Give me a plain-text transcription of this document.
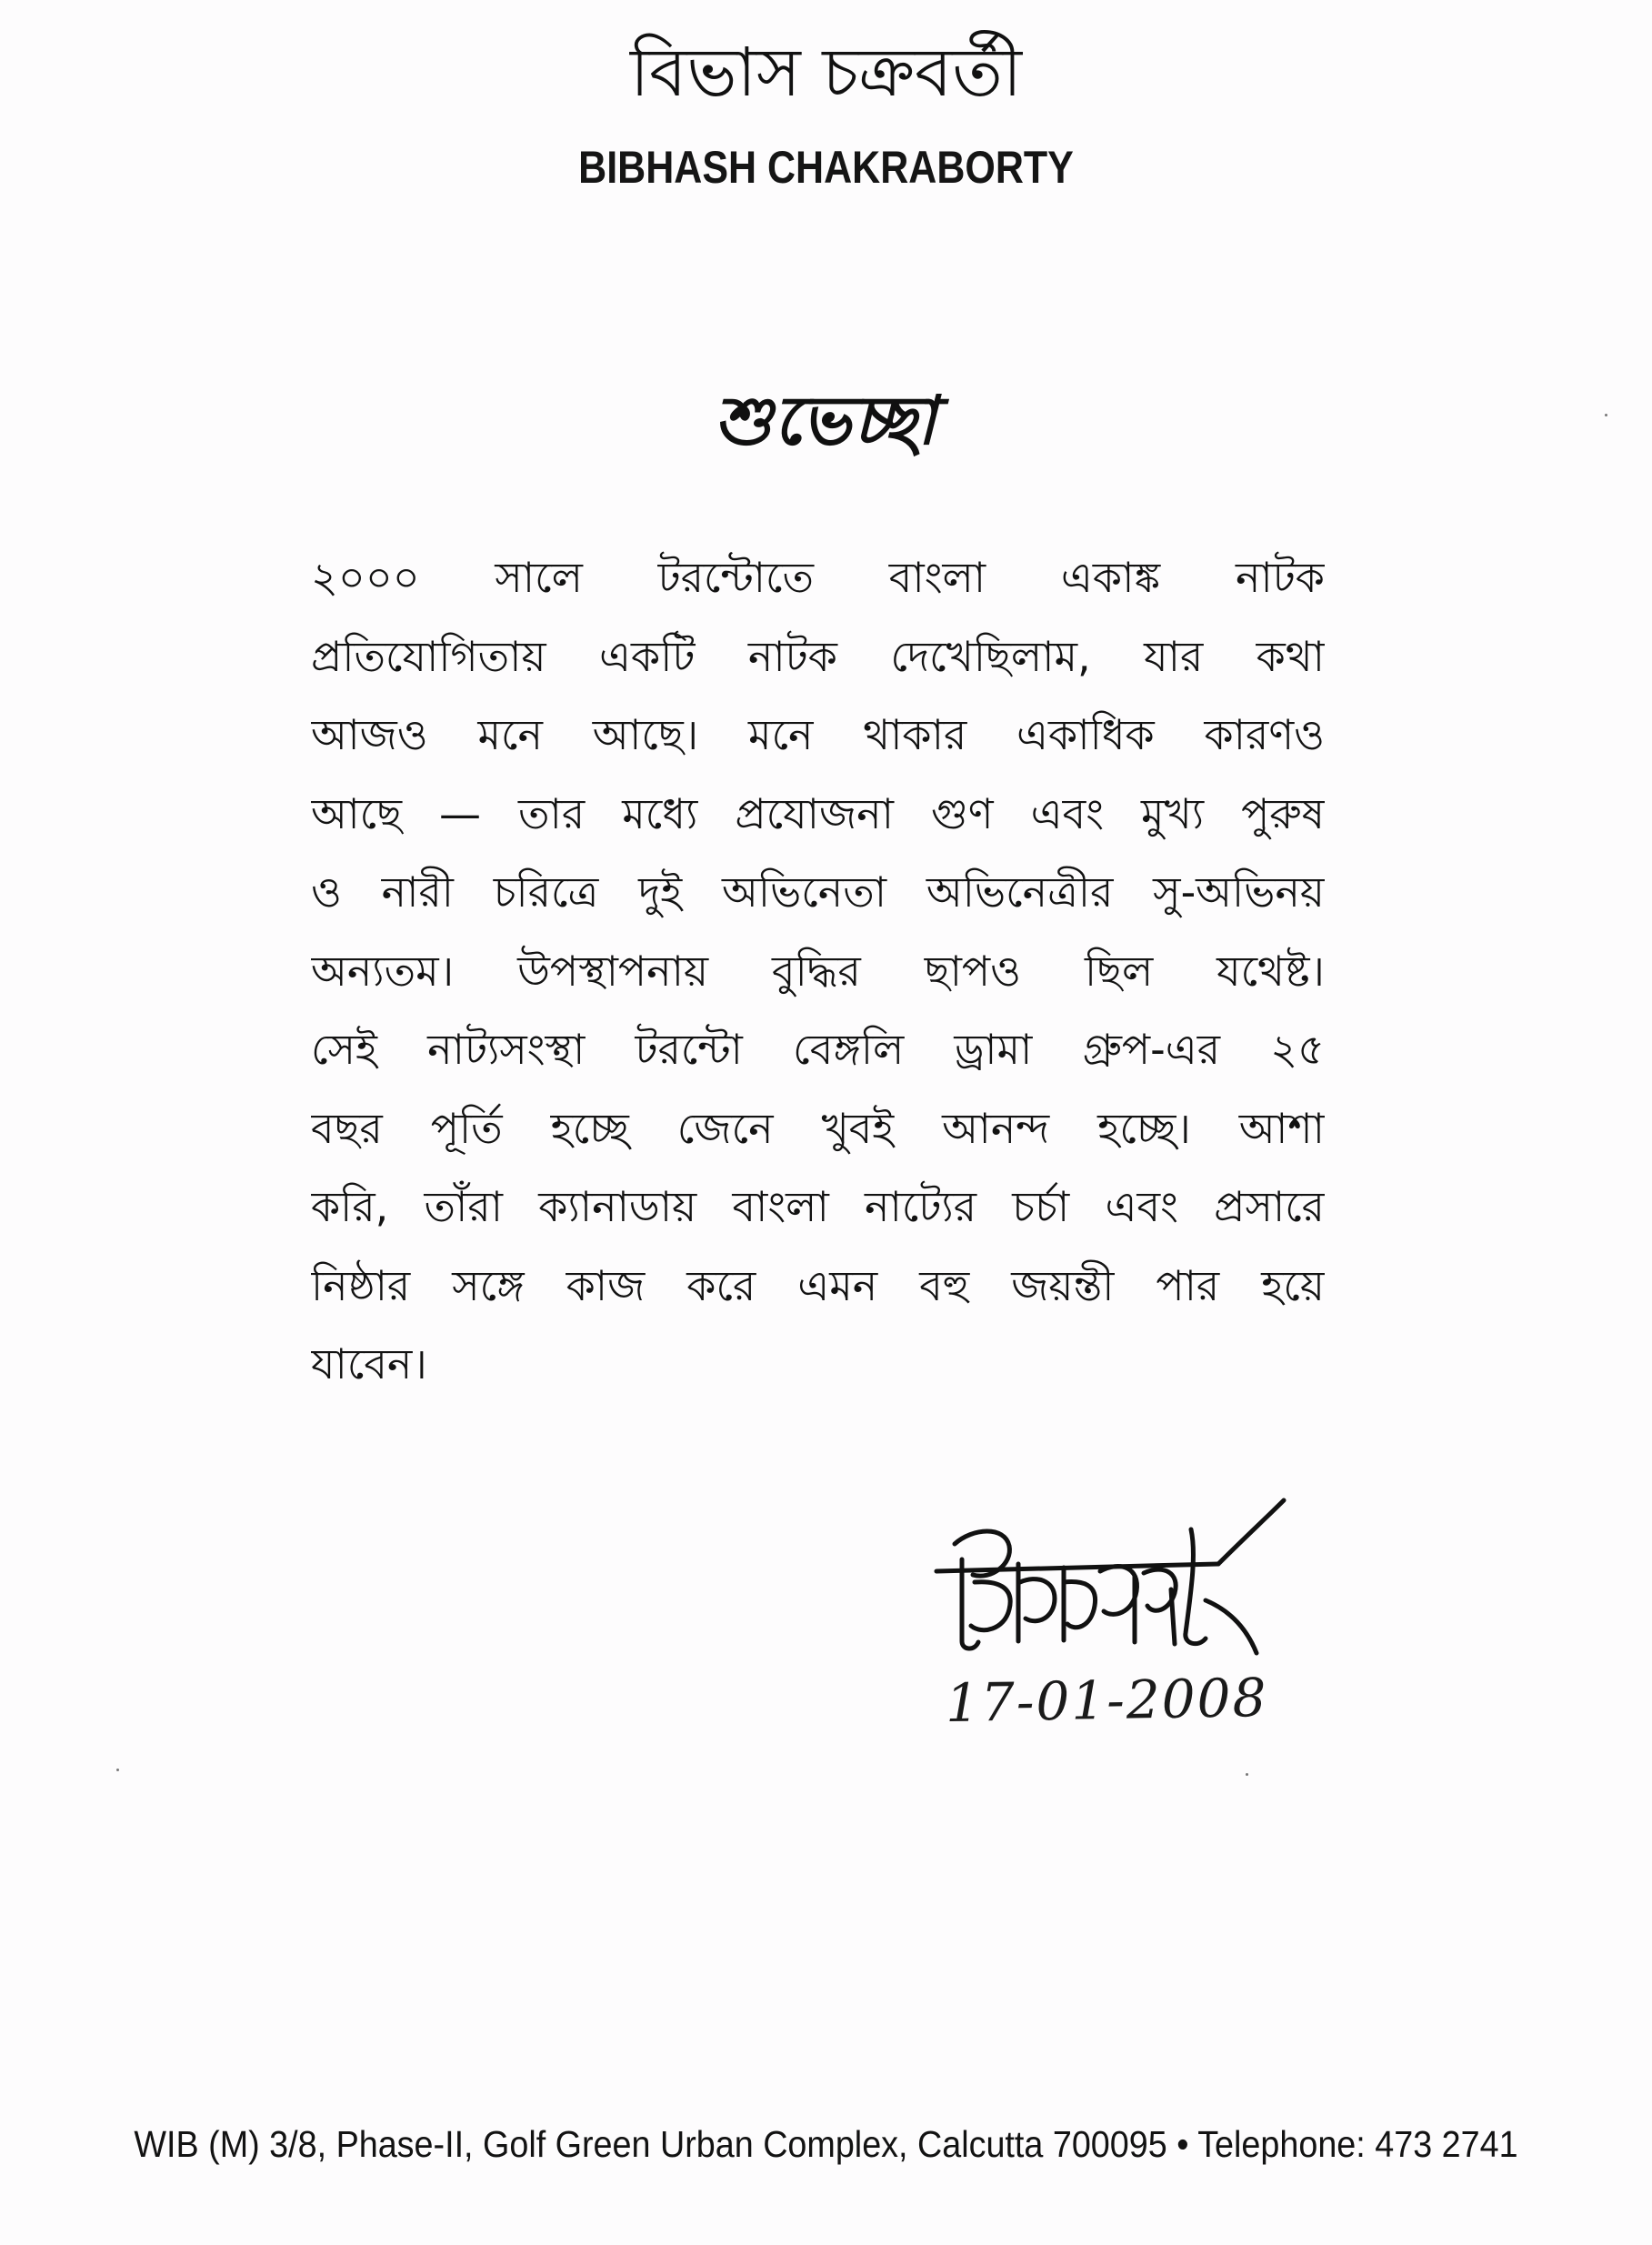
বিভাস চক্রবর্তী
BIBHASH CHAKRABORTY
শুভেচ্ছা
২০০০ সালে টরন্টোতে বাংলা একাঙ্ক নাটক
প্রতিযোগিতায় একটি নাটক দেখেছিলাম, যার কথা
আজও মনে আছে। মনে থাকার একাধিক কারণও
আছে — তার মধ্যে প্রযোজনা গুণ এবং মুখ্য পুরুষ
ও নারী চরিত্রে দুই অভিনেতা অভিনেত্রীর সু-অভিনয়
অন্যতম। উপস্থাপনায় বুদ্ধির ছাপও ছিল যথেষ্ট।
সেই নাট্যসংস্থা টরন্টো বেঙ্গলি ড্রামা গ্রুপ-এর ২৫
বছর পূর্তি হচ্ছে জেনে খুবই আনন্দ হচ্ছে। আশা
করি, তাঁরা ক্যানাডায় বাংলা নাট্যের চর্চা এবং প্রসারে
নিষ্ঠার সঙ্গে কাজ করে এমন বহু জয়ন্তী পার হয়ে
যাবেন।
17-01-2008
WIB (M) 3/8, Phase-II, Golf Green Urban Complex, Calcutta 700095 • Telephone: 473 2741
